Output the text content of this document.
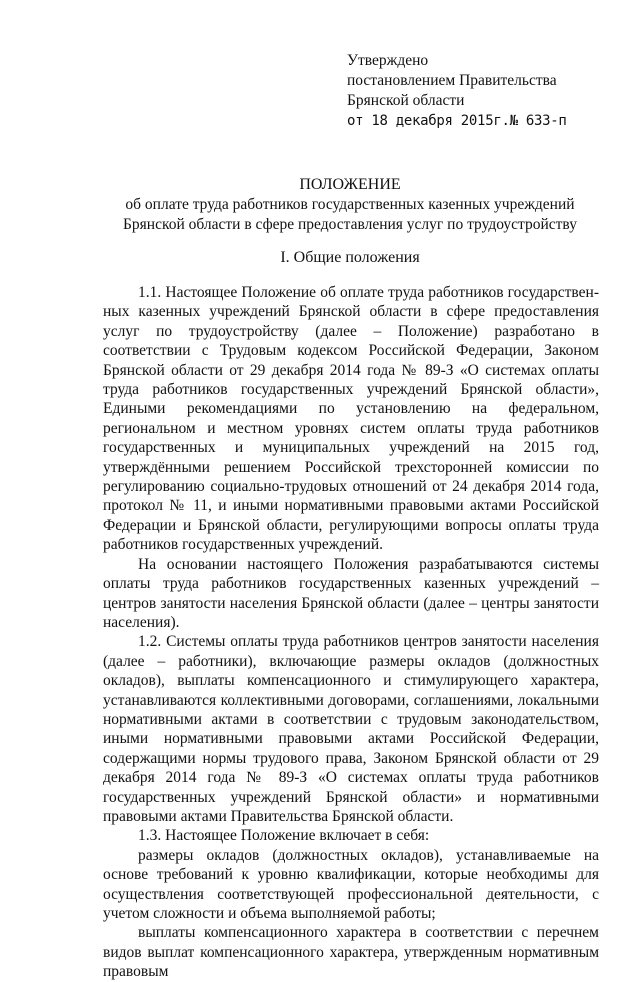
Утверждено
постановлением Правительства
Брянской области
от 18 декабря 2015г.№ 633-п
ПОЛОЖЕНИЕ
об оплате труда работников государственных казенных учреждений
Брянской области в сфере предоставления услуг по трудоустройству
I. Общие положения

1.1. Настоящее Положение об оплате труда работников государственных казенных учреждений Брянской области в сфере предоставления услуг по трудоустройству (далее – Положение) разработано в соответствии с Трудовым кодексом Российской Федерации, Законом Брянской области от 29 декабря 2014 года № 89-З «О системах оплаты труда работников государственных учреждений Брянской области», Едиными рекомендациями по установлению на федеральном, региональном и местном уровнях систем оплаты труда работников государственных и муниципальных учреждений на 2015 год, утверждёнными решением Российской трехсторонней комиссии по регулированию социально-трудовых отношений от 24 декабря 2014 года, протокол № 11, и иными нормативными правовыми актами Российской Федерации и Брянской области, регулирующими вопросы оплаты труда работников государственных учреждений.

На основании настоящего Положения разрабатываются системы оплаты труда работников государственных казенных учреждений – центров занятости населения Брянской области (далее – центры занятости населения).

1.2. Системы оплаты труда работников центров занятости населения (далее – работники), включающие размеры окладов (должностных окладов), выплаты компенсационного и стимулирующего характера, устанавливаются коллективными договорами, соглашениями, локальными нормативными актами в соответствии с трудовым законодательством, иными нормативными правовыми актами Российской Федерации, содержащими нормы трудового права, Законом Брянской области от 29 декабря 2014 года № 89-З «О системах оплаты труда работников государственных учреждений Брянской области» и нормативными правовыми актами Правительства Брянской области.

1.3. Настоящее Положение включает в себя:

размеры окладов (должностных окладов), устанавливаемые на основе требований к уровню квалификации, которые необходимы для осуществления соответствующей профессиональной деятельности, с учетом сложности и объема выполняемой работы;

выплаты компенсационного характера в соответствии с перечнем видов выплат компенсационного характера, утвержденным нормативным правовым
